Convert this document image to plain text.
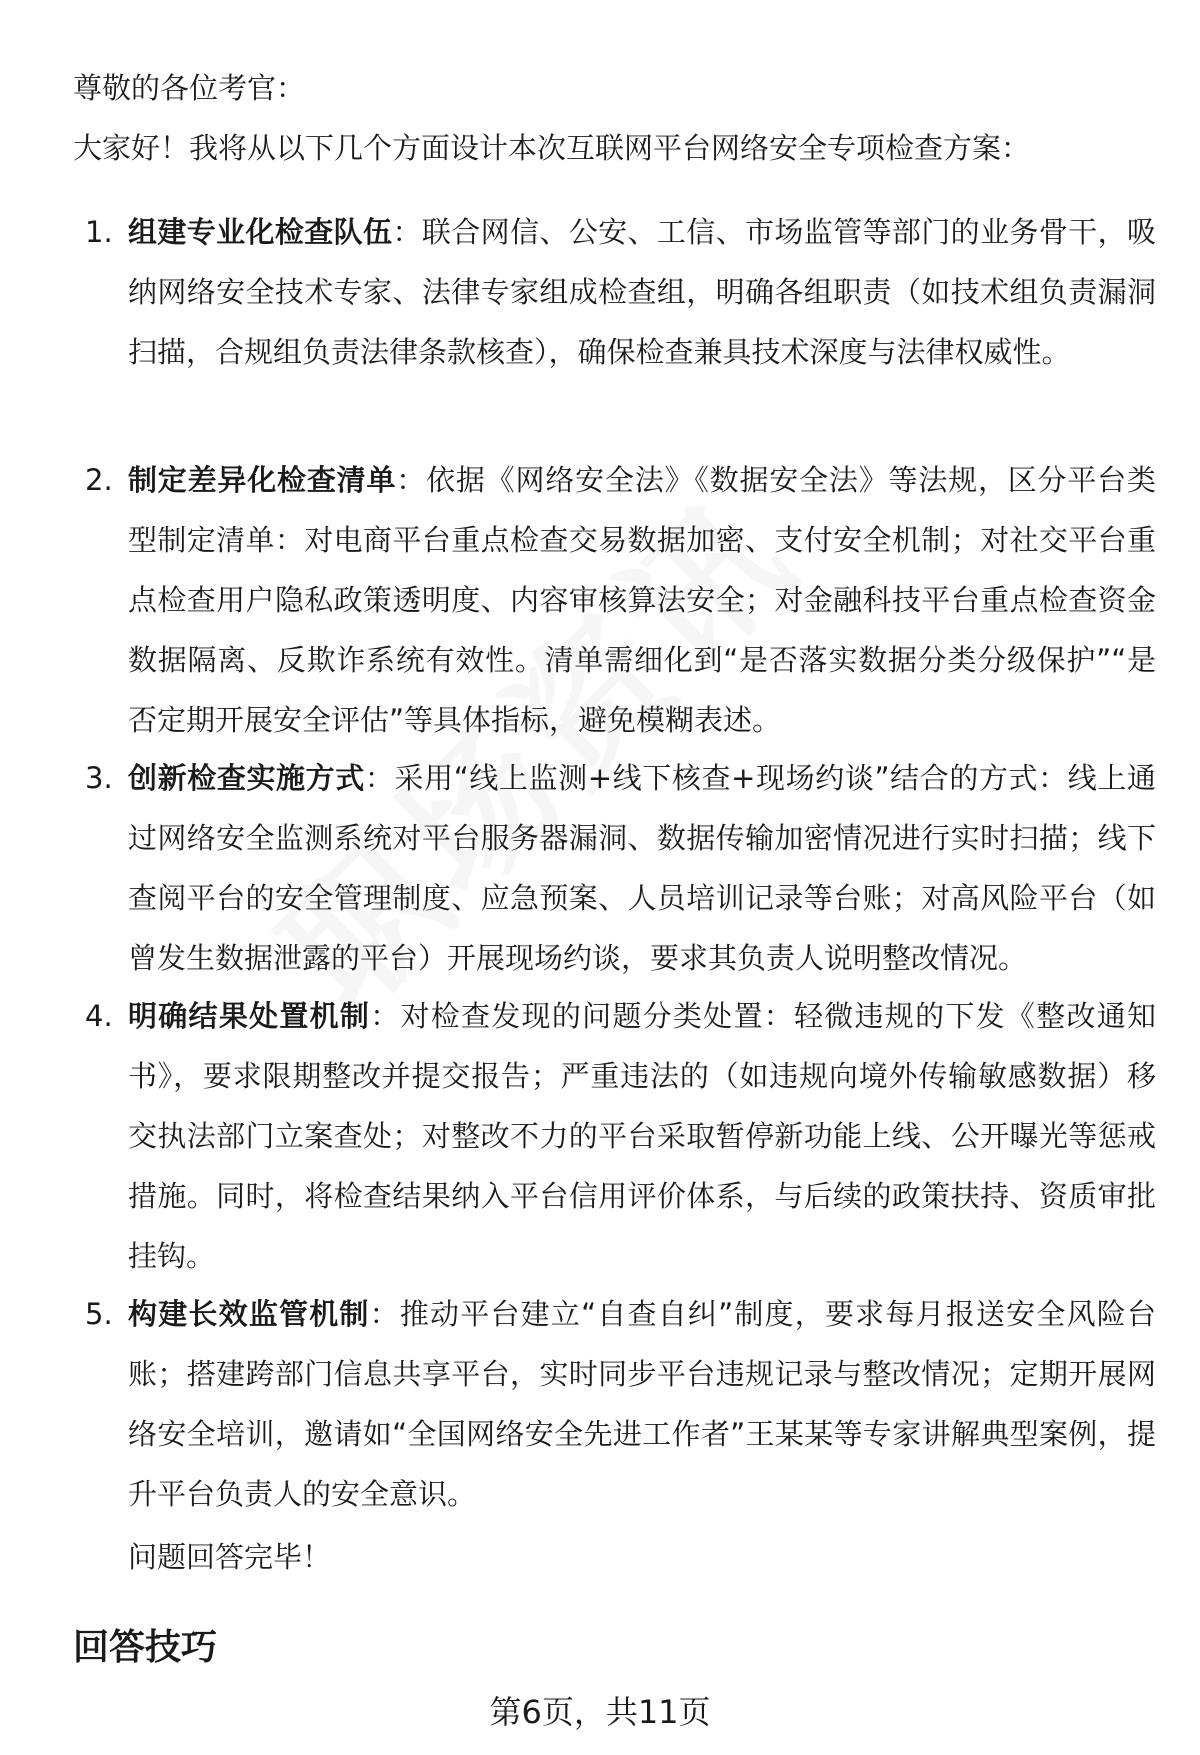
尊敬的各位考官：
大家好！我将从以下几个方面设计本次互联网平台网络安全专项检查方案：
1. 组建专业化检查队伍：联合网信、公安、工信、市场监管等部门的业务骨干，吸纳网络安全技术专家、法律专家组成检查组，明确各组职责（如技术组负责漏洞扫描，合规组负责法律条款核查），确保检查兼具技术深度与法律权威性。
2. 制定差异化检查清单：依据《网络安全法》《数据安全法》等法规，区分平台类型制定清单：对电商平台重点检查交易数据加密、支付安全机制；对社交平台重点检查用户隐私政策透明度、内容审核算法安全；对金融科技平台重点检查资金数据隔离、反欺诈系统有效性。清单需细化到“是否落实数据分类分级保护”“是否定期开展安全评估”等具体指标，避免模糊表述。
3. 创新检查实施方式：采用“线上监测+线下核查+现场约谈”结合的方式：线上通过网络安全监测系统对平台服务器漏洞、数据传输加密情况进行实时扫描；线下查阅平台的安全管理制度、应急预案、人员培训记录等台账；对高风险平台（如曾发生数据泄露的平台）开展现场约谈，要求其负责人说明整改情况。
4. 明确结果处置机制：对检查发现的问题分类处置：轻微违规的下发《整改通知书》，要求限期整改并提交报告；严重违法的（如违规向境外传输敏感数据）移交执法部门立案查处；对整改不力的平台采取暂停新功能上线、公开曝光等惩戒措施。同时，将检查结果纳入平台信用评价体系，与后续的政策扶持、资质审批挂钩。
5. 构建长效监管机制：推动平台建立“自查自纠”制度，要求每月报送安全风险台账；搭建跨部门信息共享平台，实时同步平台违规记录与整改情况；定期开展网络安全培训，邀请如“全国网络安全先进工作者”王某某等专家讲解典型案例，提升平台负责人的安全意识。
问题回答完毕！
回答技巧
第6页，共11页
